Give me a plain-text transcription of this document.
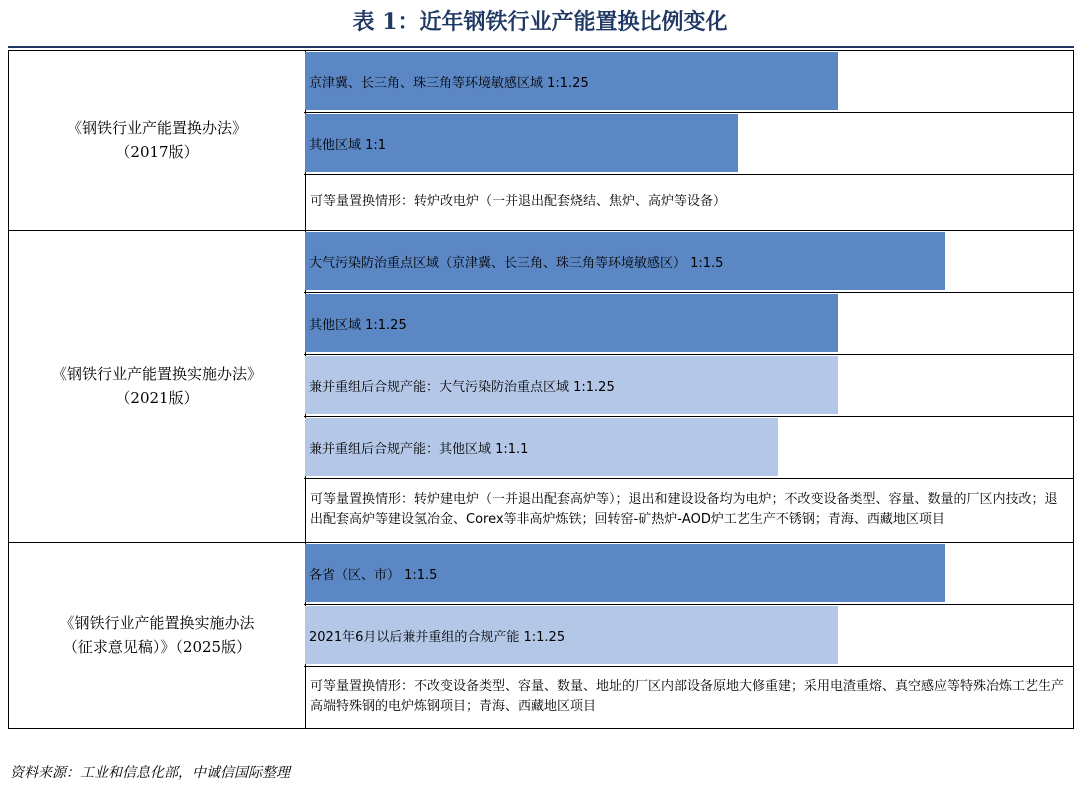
表 1：近年钢铁行业产能置换比例变化
《钢铁行业产能置换办法》
（2017版）
京津冀、长三角、珠三角等环境敏感区域 1:1.25
其他区域 1:1
可等量置换情形：转炉改电炉（一并退出配套烧结、焦炉、高炉等设备）
《钢铁行业产能置换实施办法》
（2021版）
大气污染防治重点区域（京津冀、长三角、珠三角等环境敏感区） 1:1.5
其他区域 1:1.25
兼并重组后合规产能：大气污染防治重点区域 1:1.25
兼并重组后合规产能：其他区域 1:1.1
可等量置换情形：转炉建电炉（一并退出配套高炉等）；退出和建设设备均为电炉；不改变设备类型、容量、数量的厂区内技改；退出配套高炉等建设氢冶金、Corex等非高炉炼铁；回转窑-矿热炉-AOD炉工艺生产不锈钢；青海、西藏地区项目
《钢铁行业产能置换实施办法
（征求意见稿）》（2025版）
各省（区、市） 1:1.5
2021年6月以后兼并重组的合规产能 1:1.25
可等量置换情形：不改变设备类型、容量、数量、地址的厂区内部设备原地大修重建；采用电渣重熔、真空感应等特殊冶炼工艺生产高端特殊钢的电炉炼钢项目；青海、西藏地区项目
资料来源：工业和信息化部，中诚信国际整理
